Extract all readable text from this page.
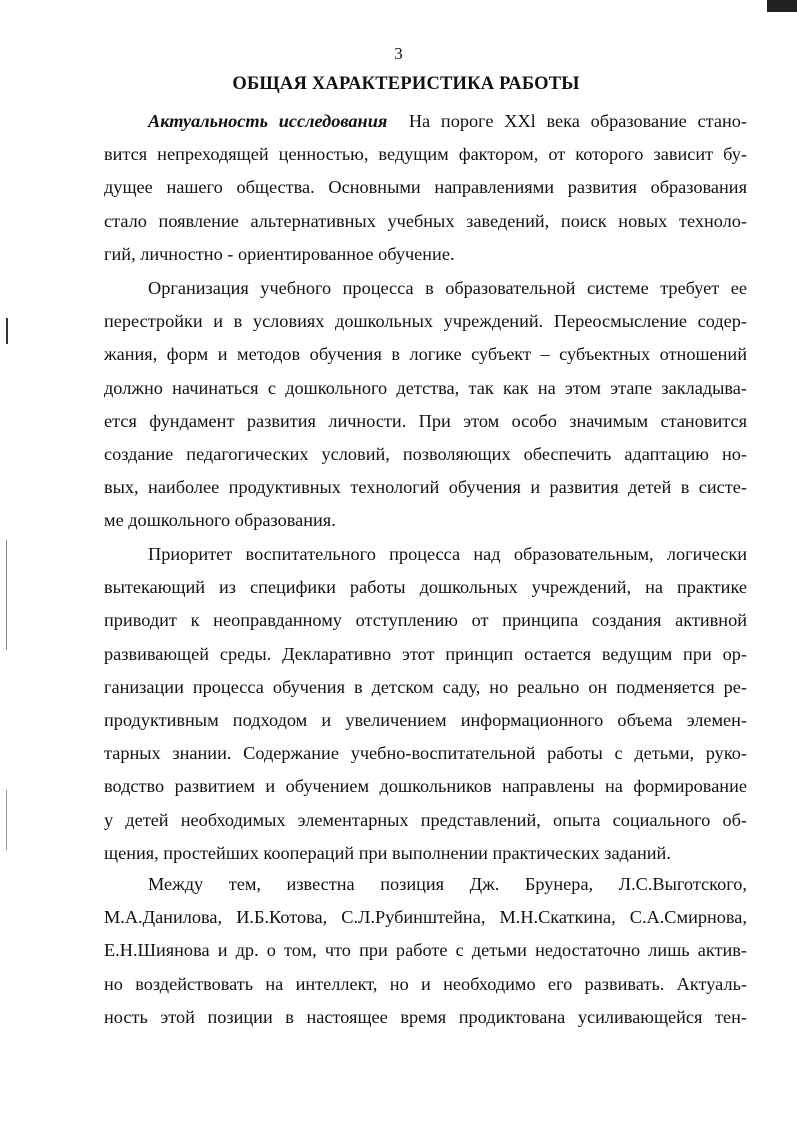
3
ОБЩАЯ ХАРАКТЕРИСТИКА РАБОТЫ
Актуальность исследования  На пороге XXl века образование стано-
вится непреходящей ценностью, ведущим фактором, от которого зависит бу-
дущее нашего общества. Основными направлениями развития образования
стало появление альтернативных учебных заведений, поиск новых техноло-
гий, личностно - ориентированное обучение.
Организация учебного процесса в образовательной системе требует ее
перестройки и в условиях дошкольных учреждений. Переосмысление содер-
жания, форм и методов обучения в логике субъект – субъектных отношений
должно начинаться с дошкольного детства, так как на этом этапе закладыва-
ется фундамент развития личности. При этом особо значимым становится
создание педагогических условий, позволяющих обеспечить адаптацию но-
вых, наиболее продуктивных технологий обучения и развития детей в систе-
ме дошкольного образования.
Приоритет воспитательного процесса над образовательным, логически
вытекающий из специфики работы дошкольных учреждений, на практике
приводит к неоправданному отступлению от принципа создания активной
развивающей среды. Декларативно этот принцип остается ведущим при ор-
ганизации процесса обучения в детском саду, но реально он подменяется ре-
продуктивным подходом и увеличением информационного объема элемен-
тарных знании. Содержание учебно-воспитательной работы с детьми, руко-
водство развитием и обучением дошкольников направлены на формирование
у детей необходимых элементарных представлений, опыта социального об-
щения, простейших коопераций при выполнении практических заданий.
Между тем, известна позиция Дж. Брунера, Л.С.Выготского,
М.А.Данилова, И.Б.Котова, С.Л.Рубинштейна, М.Н.Скаткина, С.А.Смирнова,
Е.Н.Шиянова и др. о том, что при работе с детьми недостаточно лишь актив-
но воздействовать на интеллект, но и необходимо его развивать. Актуаль-
ность этой позиции в настоящее время продиктована усиливающейся тен-
